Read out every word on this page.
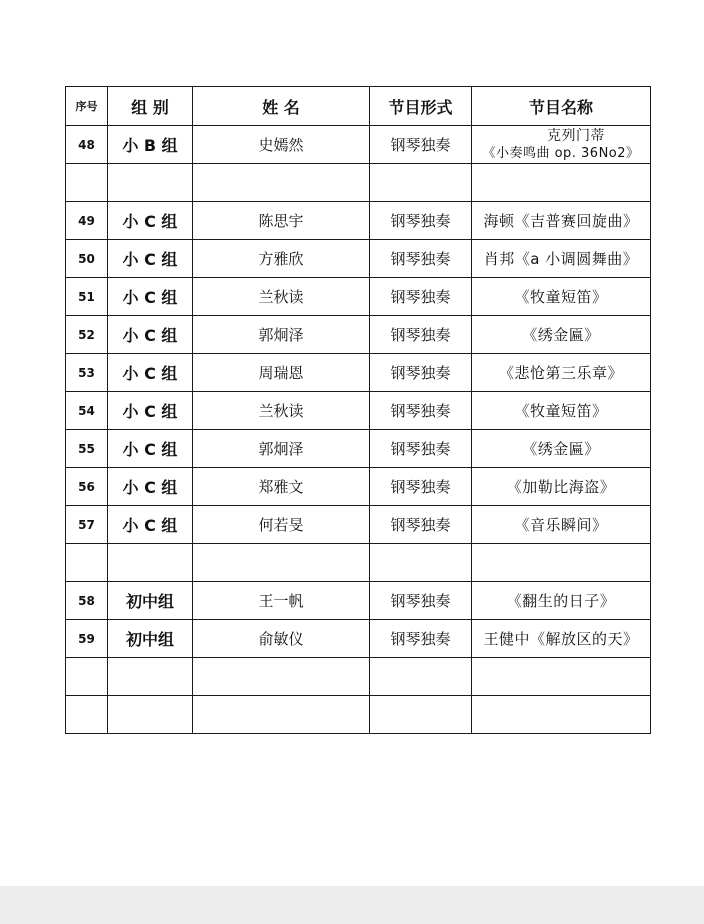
序号	组 别	姓 名	节目形式	节目名称
48	小 B 组	史嫣然	钢琴独奏	克列门蒂
《小奏鸣曲 op. 36No2》

49	小 C 组	陈思宇	钢琴独奏	海顿《吉普赛回旋曲》
50	小 C 组	方雅欣	钢琴独奏	肖邦《a 小调圆舞曲》
51	小 C 组	兰秋读	钢琴独奏	《牧童短笛》
52	小 C 组	郭炯泽	钢琴独奏	《绣金匾》
53	小 C 组	周瑞恩	钢琴独奏	《悲怆第三乐章》
54	小 C 组	兰秋读	钢琴独奏	《牧童短笛》
55	小 C 组	郭炯泽	钢琴独奏	《绣金匾》
56	小 C 组	郑雅文	钢琴独奏	《加勒比海盗》
57	小 C 组	何若旻	钢琴独奏	《音乐瞬间》

58	初中组	王一帆	钢琴独奏	《翻生的日子》
59	初中组	俞敏仪	钢琴独奏	王健中《解放区的天》
